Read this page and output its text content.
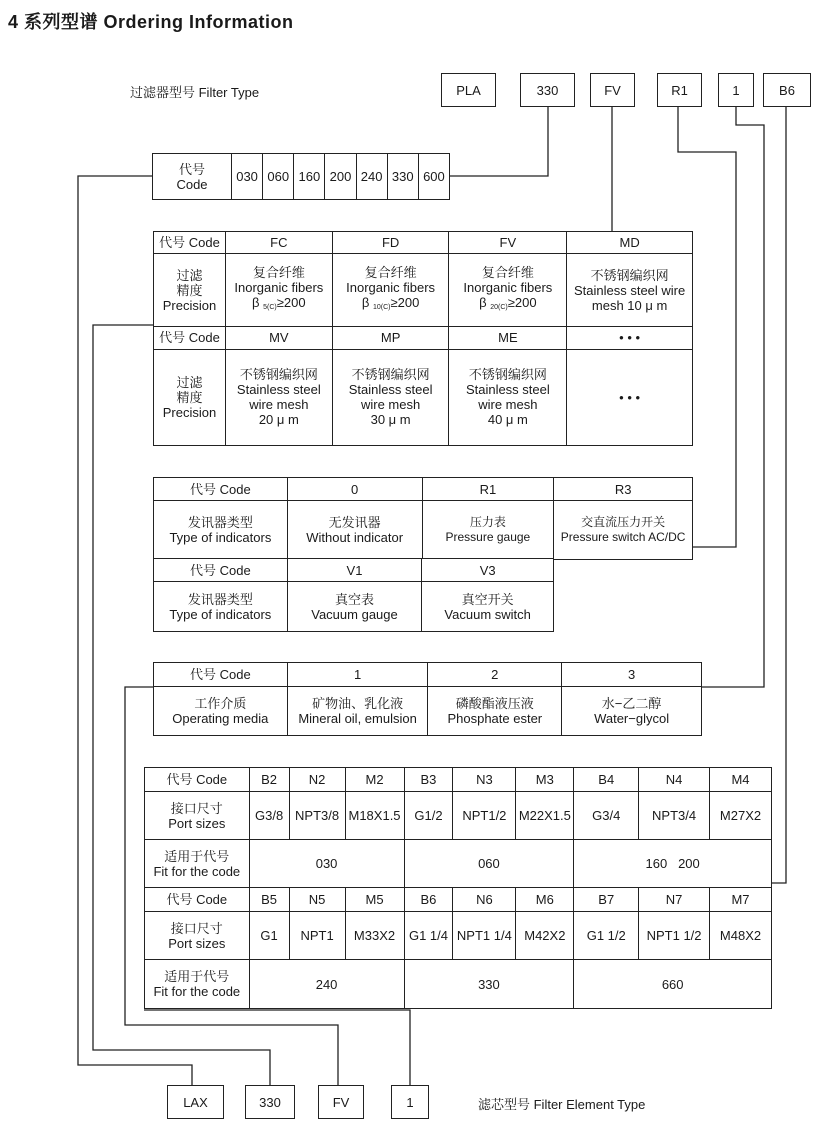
4 系列型谱 Ordering Information
过滤器型号 Filter Type	PLA	330	FV	R1	1	B6
代号
Code	030	060	160	200	240	330	600
代号 Code	FC	FD	FV	MD
过滤
精度
Precision	复合纤维
Inorganic fibers
β $_{5(C)}$≥200	复合纤维
Inorganic fibers
β $_{10(C)}$≥200	复合纤维
Inorganic fibers
β $_{20(C)}$≥200	不锈钢编织网
Stainless steel wire
mesh 10 μ m
代号 Code	MV	MP	ME	• • •
过滤
精度
Precision	不锈钢编织网
Stainless steel
wire mesh
20 μ m	不锈钢编织网
Stainless steel
wire mesh
30 μ m	不锈钢编织网
Stainless steel
wire mesh
40 μ m	• • •
代号 Code	0	R1	R3
发讯器类型
Type of indicators	无发讯器
Without indicator	压力表
Pressure gauge	交直流压力开关
Pressure switch AC/DC
代号 Code	V1	V3
发讯器类型
Type of indicators	真空表
Vacuum gauge	真空开关
Vacuum switch
代号 Code	1	2	3
工作介质
Operating media	矿物油、乳化液
Mineral oil, emulsion	磷酸酯液压液
Phosphate ester	水−乙二醇
Water−glycol
代号 Code	B2	N2	M2	B3	N3	M3	B4	N4	M4
接口尺寸
Port sizes	G3/8	NPT3/8	M18X1.5	G1/2	NPT1/2	M22X1.5	G3/4	NPT3/4	M27X2
适用于代号
Fit for the code	030			060			160   200		
代号 Code	B5	N5	M5	B6	N6	M6	B7	N7	M7
接口尺寸
Port sizes	G1	NPT1	M33X2	G1 1/4	NPT1 1/4	M42X2	G1 1/2	NPT1 1/2	M48X2
适用于代号
Fit for the code	240			330			660		
LAX	330	FV	1	滤芯型号 Filter Element Type
